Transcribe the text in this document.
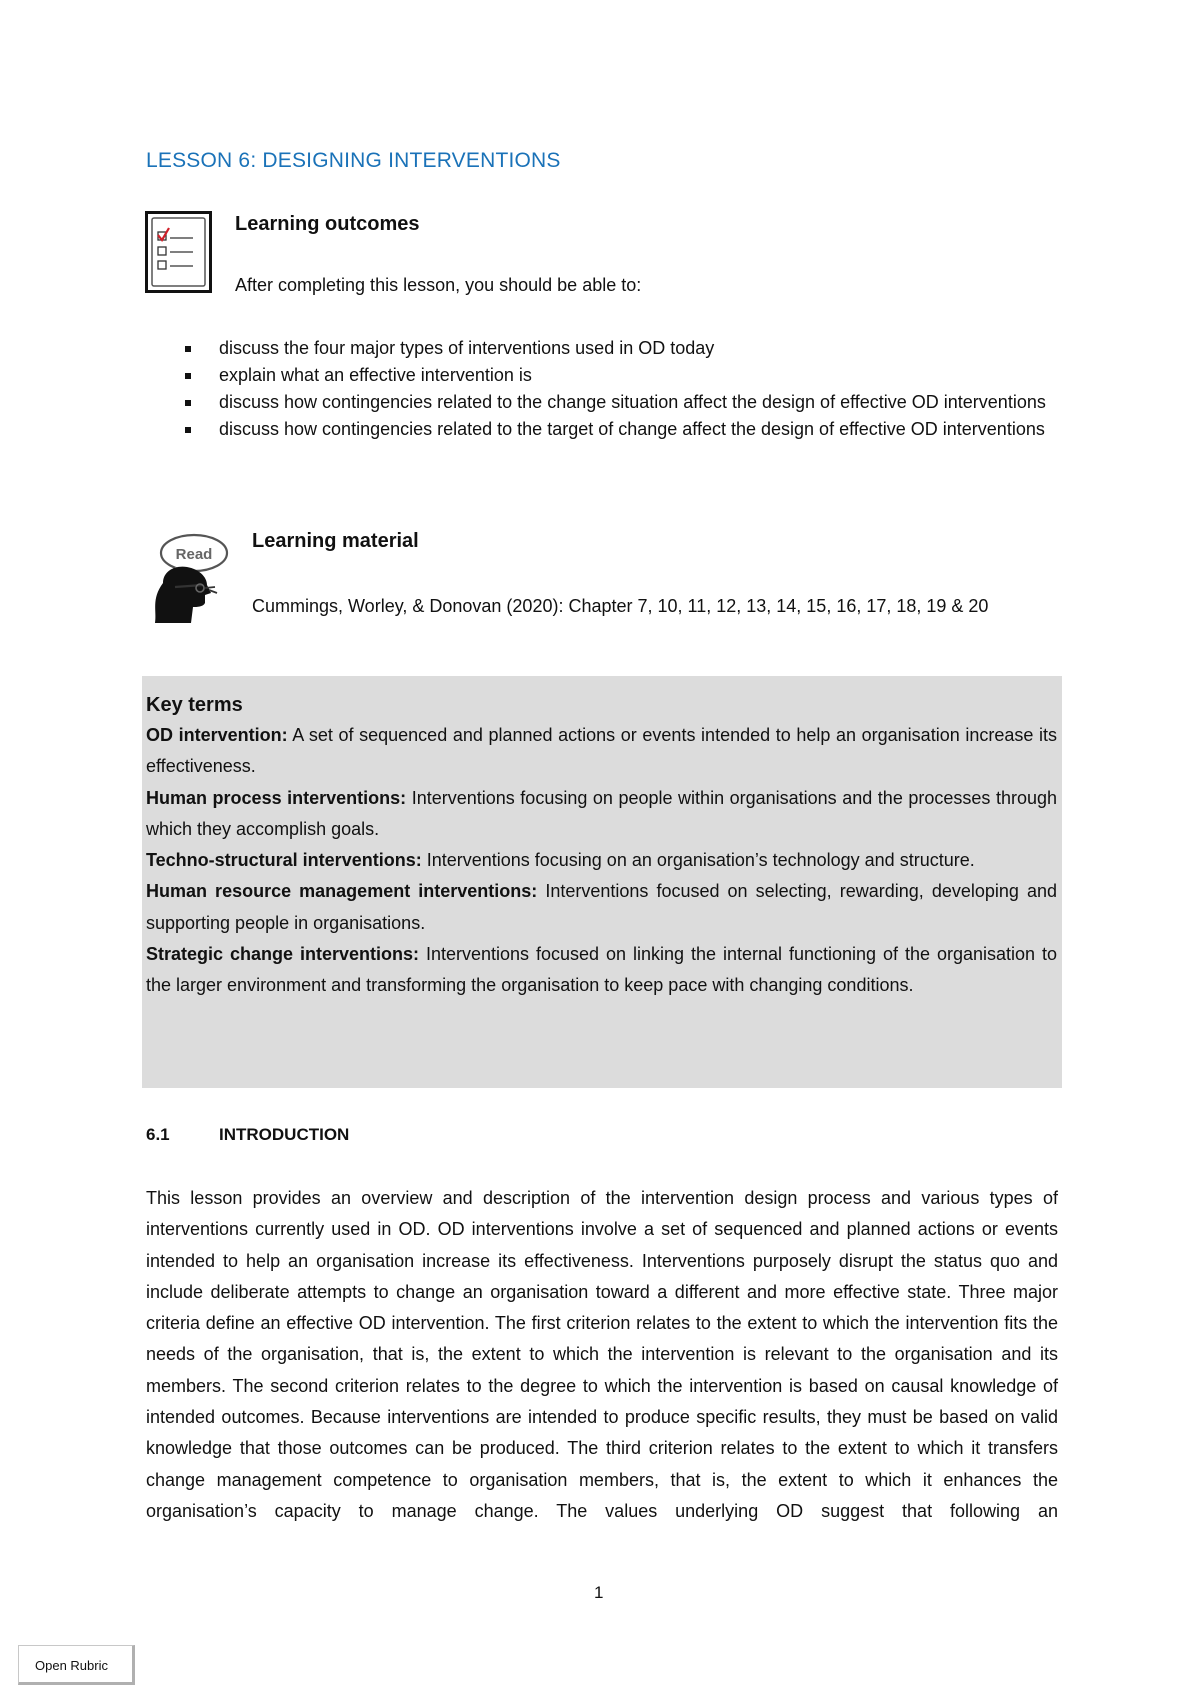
LESSON 6: DESIGNING INTERVENTIONS
Learning outcomes
After completing this lesson, you should be able to:
discuss the four major types of interventions used in OD today
explain what an effective intervention is
discuss how contingencies related to the change situation affect the design of effective OD interventions
discuss how contingencies related to the target of change affect the design of effective OD interventions
Read
Learning material
Cummings, Worley, & Donovan (2020): Chapter 7, 10, 11, 12, 13, 14, 15, 16, 17, 18, 19 & 20
Key terms

OD intervention: A set of sequenced and planned actions or events intended to help an organisation increase its effectiveness.

Human process interventions: Interventions focusing on people within organisations and the processes through which they accomplish goals.

Techno-structural interventions: Interventions focusing on an organisation’s technology and structure.

Human resource management interventions: Interventions focused on selecting, rewarding, developing and supporting people in organisations.

Strategic change interventions: Interventions focused on linking the internal functioning of the organisation to the larger environment and transforming the organisation to keep pace with changing conditions.

6.1	INTRODUCTION
This lesson provides an overview and description of the intervention design process and various types of interventions currently used in OD. OD interventions involve a set of sequenced and planned actions or events intended to help an organisation increase its effectiveness. Interventions purposely disrupt the status quo and include deliberate attempts to change an organisation toward a different and more effective state. Three major criteria define an effective OD intervention. The first criterion relates to the extent to which the intervention fits the needs of the organisation, that is, the extent to which the intervention is relevant to the organisation and its members. The second criterion relates to the degree to which the intervention is based on causal knowledge of intended outcomes. Because interventions are intended to produce specific results, they must be based on valid knowledge that those outcomes can be produced. The third criterion relates to the extent to which it transfers change management competence to organisation members, that is, the extent to which it enhances the organisation’s capacity to manage change. The values underlying OD suggest that following an
1
Open Rubric
